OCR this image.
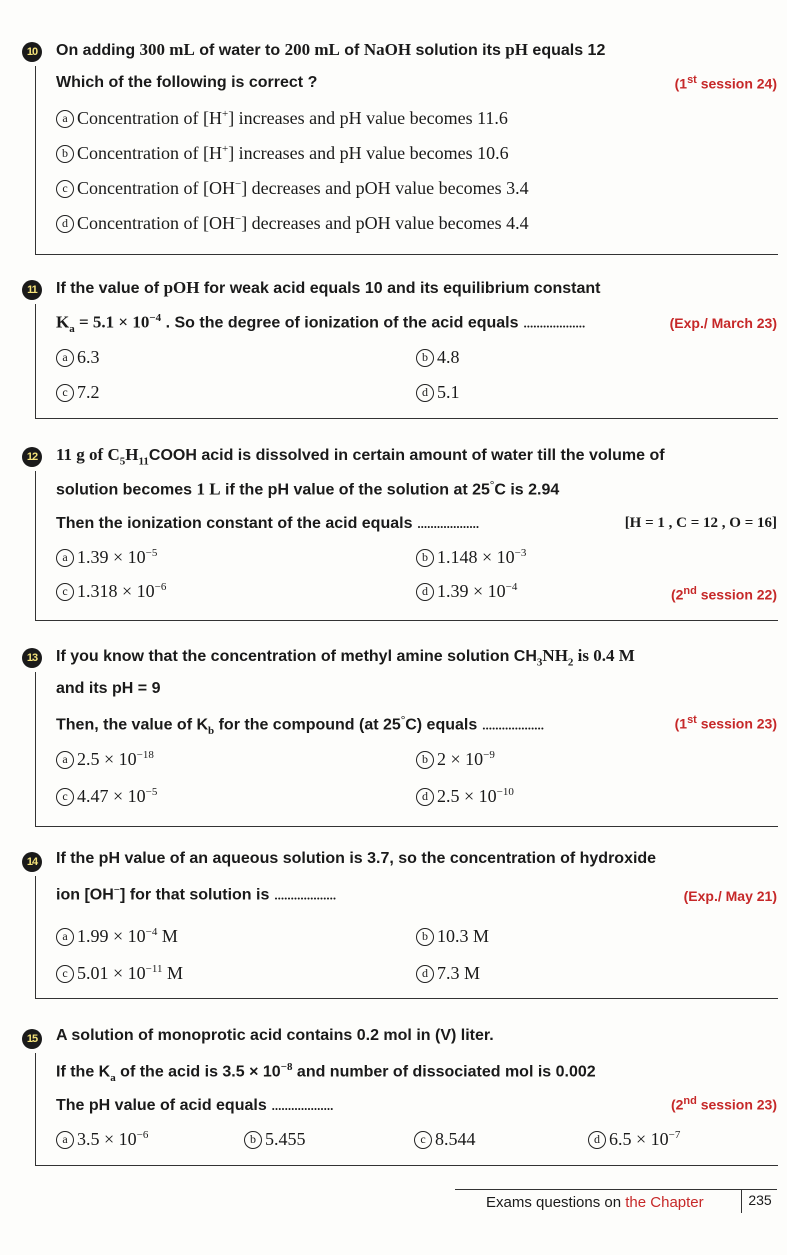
10	On adding 300 mL of water to 200 mL of NaOH solution its pH equals 12
Which of the following is correct ?	(1st session 24)
a Concentration of [H+] increases and pH value becomes 11.6
b Concentration of [H+] increases and pH value becomes 10.6
c Concentration of [OH−] decreases and pOH value becomes 3.4
d Concentration of [OH−] decreases and pOH value becomes 4.4
11	If the value of pOH for weak acid equals 10 and its equilibrium constant
$K_a = 5.1 \times 10^{-4}$ . So the degree of ionization of the acid equals ...................	(Exp./ March 23)
a 6.3	b 4.8
c 7.2	d 5.1
12 11 g of $C_5H_{11}COOH$ acid is dissolved in certain amount of water till the volume of
solution becomes 1 L if the pH value of the solution at 25°C is 2.94
Then the ionization constant of the acid equals ...................	[H = 1 , C = 12 , O = 16]
a $1.39 \times 10^{-5}$	b $1.148 \times 10^{-3}$
c $1.318 \times 10^{-6}$	d $1.39 \times 10^{-4}$	(2nd session 22)
13	If you know that the concentration of methyl amine solution $CH_3NH_2$ is 0.4 M
and its pH = 9
Then, the value of $K_b$ for the compound (at 25°C) equals ...................	(1st session 23)
a $2.5 \times 10^{-18}$	b $2 \times 10^{-9}$
c $4.47 \times 10^{-5}$	d $2.5 \times 10^{-10}$
14	If the pH value of an aqueous solution is 3.7, so the concentration of hydroxide
ion [OH−] for that solution is ...................	(Exp./ May 21)
a $1.99 \times 10^{-4}$ M	b 10.3 M
c $5.01 \times 10^{-11}$ M	d 7.3 M
15	A solution of monoprotic acid contains 0.2 mol in (V) liter.
If the $K_a$ of the acid is $3.5 \times 10^{-8}$ and number of dissociated mol is 0.002
The pH value of acid equals ...................	(2nd session 23)
a $3.5 \times 10^{-6}$	b 5.455	c 8.544	d $6.5 \times 10^{-7}$
Exams questions on the Chapter	235
